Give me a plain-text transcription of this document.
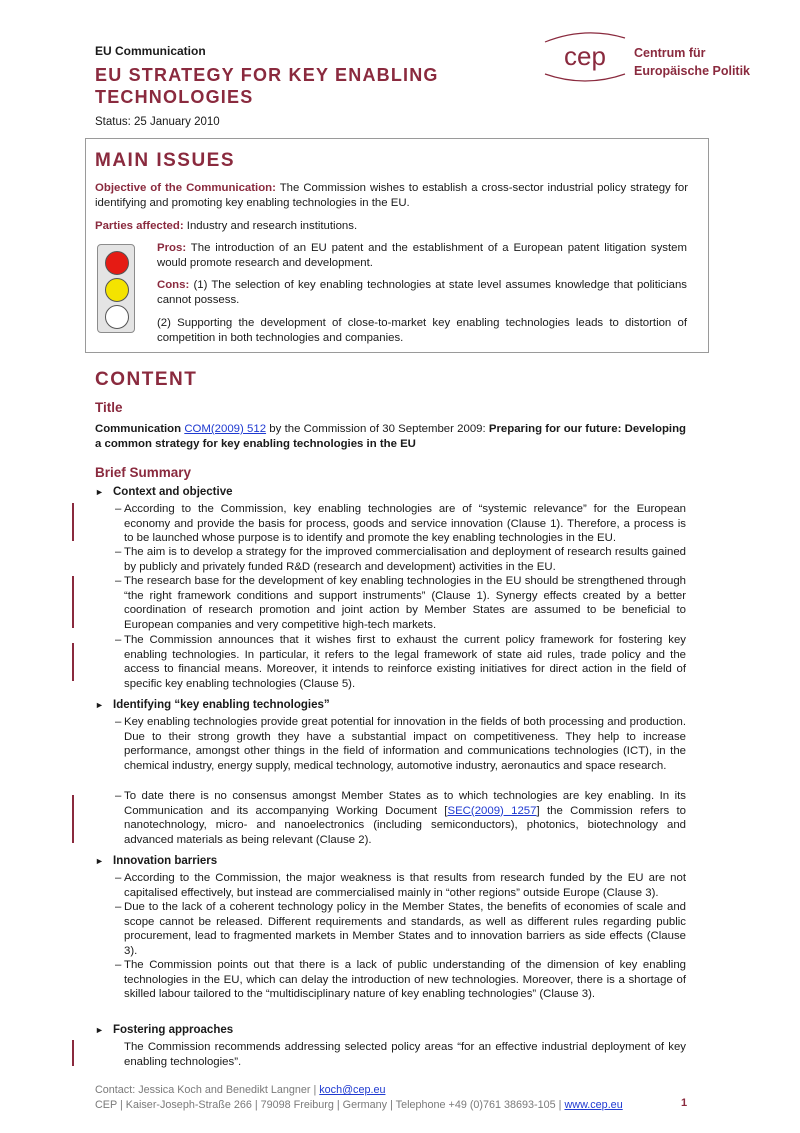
EU Communication
EU STRATEGY FOR KEY ENABLING TECHNOLOGIES
Status: 25 January 2010
cep Centrum für
Europäische Politik
MAIN ISSUES
Objective of the Communication: The Commission wishes to establish a cross-sector industrial policy strategy for identifying and promoting key enabling technologies in the EU.
Parties affected: Industry and research institutions.
Pros: The introduction of an EU patent and the establishment of a European patent litigation system would promote research and development.
Cons: (1) The selection of key enabling technologies at state level assumes knowledge that politicians cannot possess.
(2) Supporting the development of close-to-market key enabling technologies leads to distortion of competition in both technologies and companies.
CONTENT
Title
Communication COM(2009) 512 by the Commission of 30 September 2009: Preparing for our future: Developing a common strategy for key enabling technologies in the EU
Brief Summary
► Context and objective
– According to the Commission, key enabling technologies are of “systemic relevance” for the European economy and provide the basis for process, goods and service innovation (Clause 1). Therefore, a process is to be launched whose purpose is to identify and promote the key enabling technologies in the EU.
– The aim is to develop a strategy for the improved commercialisation and deployment of research results gained by publicly and privately funded R&D (research and development) activities in the EU.
– The research base for the development of key enabling technologies in the EU should be strengthened through “the right framework conditions and support instruments” (Clause 1). Synergy effects created by a better coordination of research promotion and joint action by Member States are assumed to be beneficial to European companies and very competitive high-tech markets.
– The Commission announces that it wishes first to exhaust the current policy framework for fostering key enabling technologies. In particular, it refers to the legal framework of state aid rules, trade policy and the access to financial means. Moreover, it intends to reinforce existing initiatives for direct action in the field of specific key enabling technologies (Clause 5).
► Identifying “key enabling technologies”
– Key enabling technologies provide great potential for innovation in the fields of both processing and production. Due to their strong growth they have a substantial impact on competitiveness. They help to increase performance, amongst other things in the field of information and communications technologies (ICT), in the chemical industry, energy supply, medical technology, automotive industry, aeronautics and space research.
– To date there is no consensus amongst Member States as to which technologies are key enabling. In its Communication and its accompanying Working Document [SEC(2009) 1257] the Commission refers to nanotechnology, micro- and nanoelectronics (including semiconductors), photonics, biotechnology and advanced materials as being relevant (Clause 2).
► Innovation barriers
– According to the Commission, the major weakness is that results from research funded by the EU are not capitalised effectively, but instead are commercialised mainly in “other regions” outside Europe (Clause 3).
– Due to the lack of a coherent technology policy in the Member States, the benefits of economies of scale and scope cannot be released. Different requirements and standards, as well as different rules regarding public procurement, lead to fragmented markets in Member States and to innovation barriers as side effects (Clause 3).
– The Commission points out that there is a lack of public understanding of the dimension of key enabling technologies in the EU, which can delay the introduction of new technologies. Moreover, there is a shortage of skilled labour tailored to the “multidisciplinary nature of key enabling technologies” (Clause 3).
► Fostering approaches
The Commission recommends addressing selected policy areas “for an effective industrial deployment of key enabling technologies”.
Contact: Jessica Koch and Benedikt Langner | koch@cep.eu
CEP | Kaiser-Joseph-Straße 266 | 79098 Freiburg | Germany | Telephone +49 (0)761 38693-105 | www.cep.eu	1
